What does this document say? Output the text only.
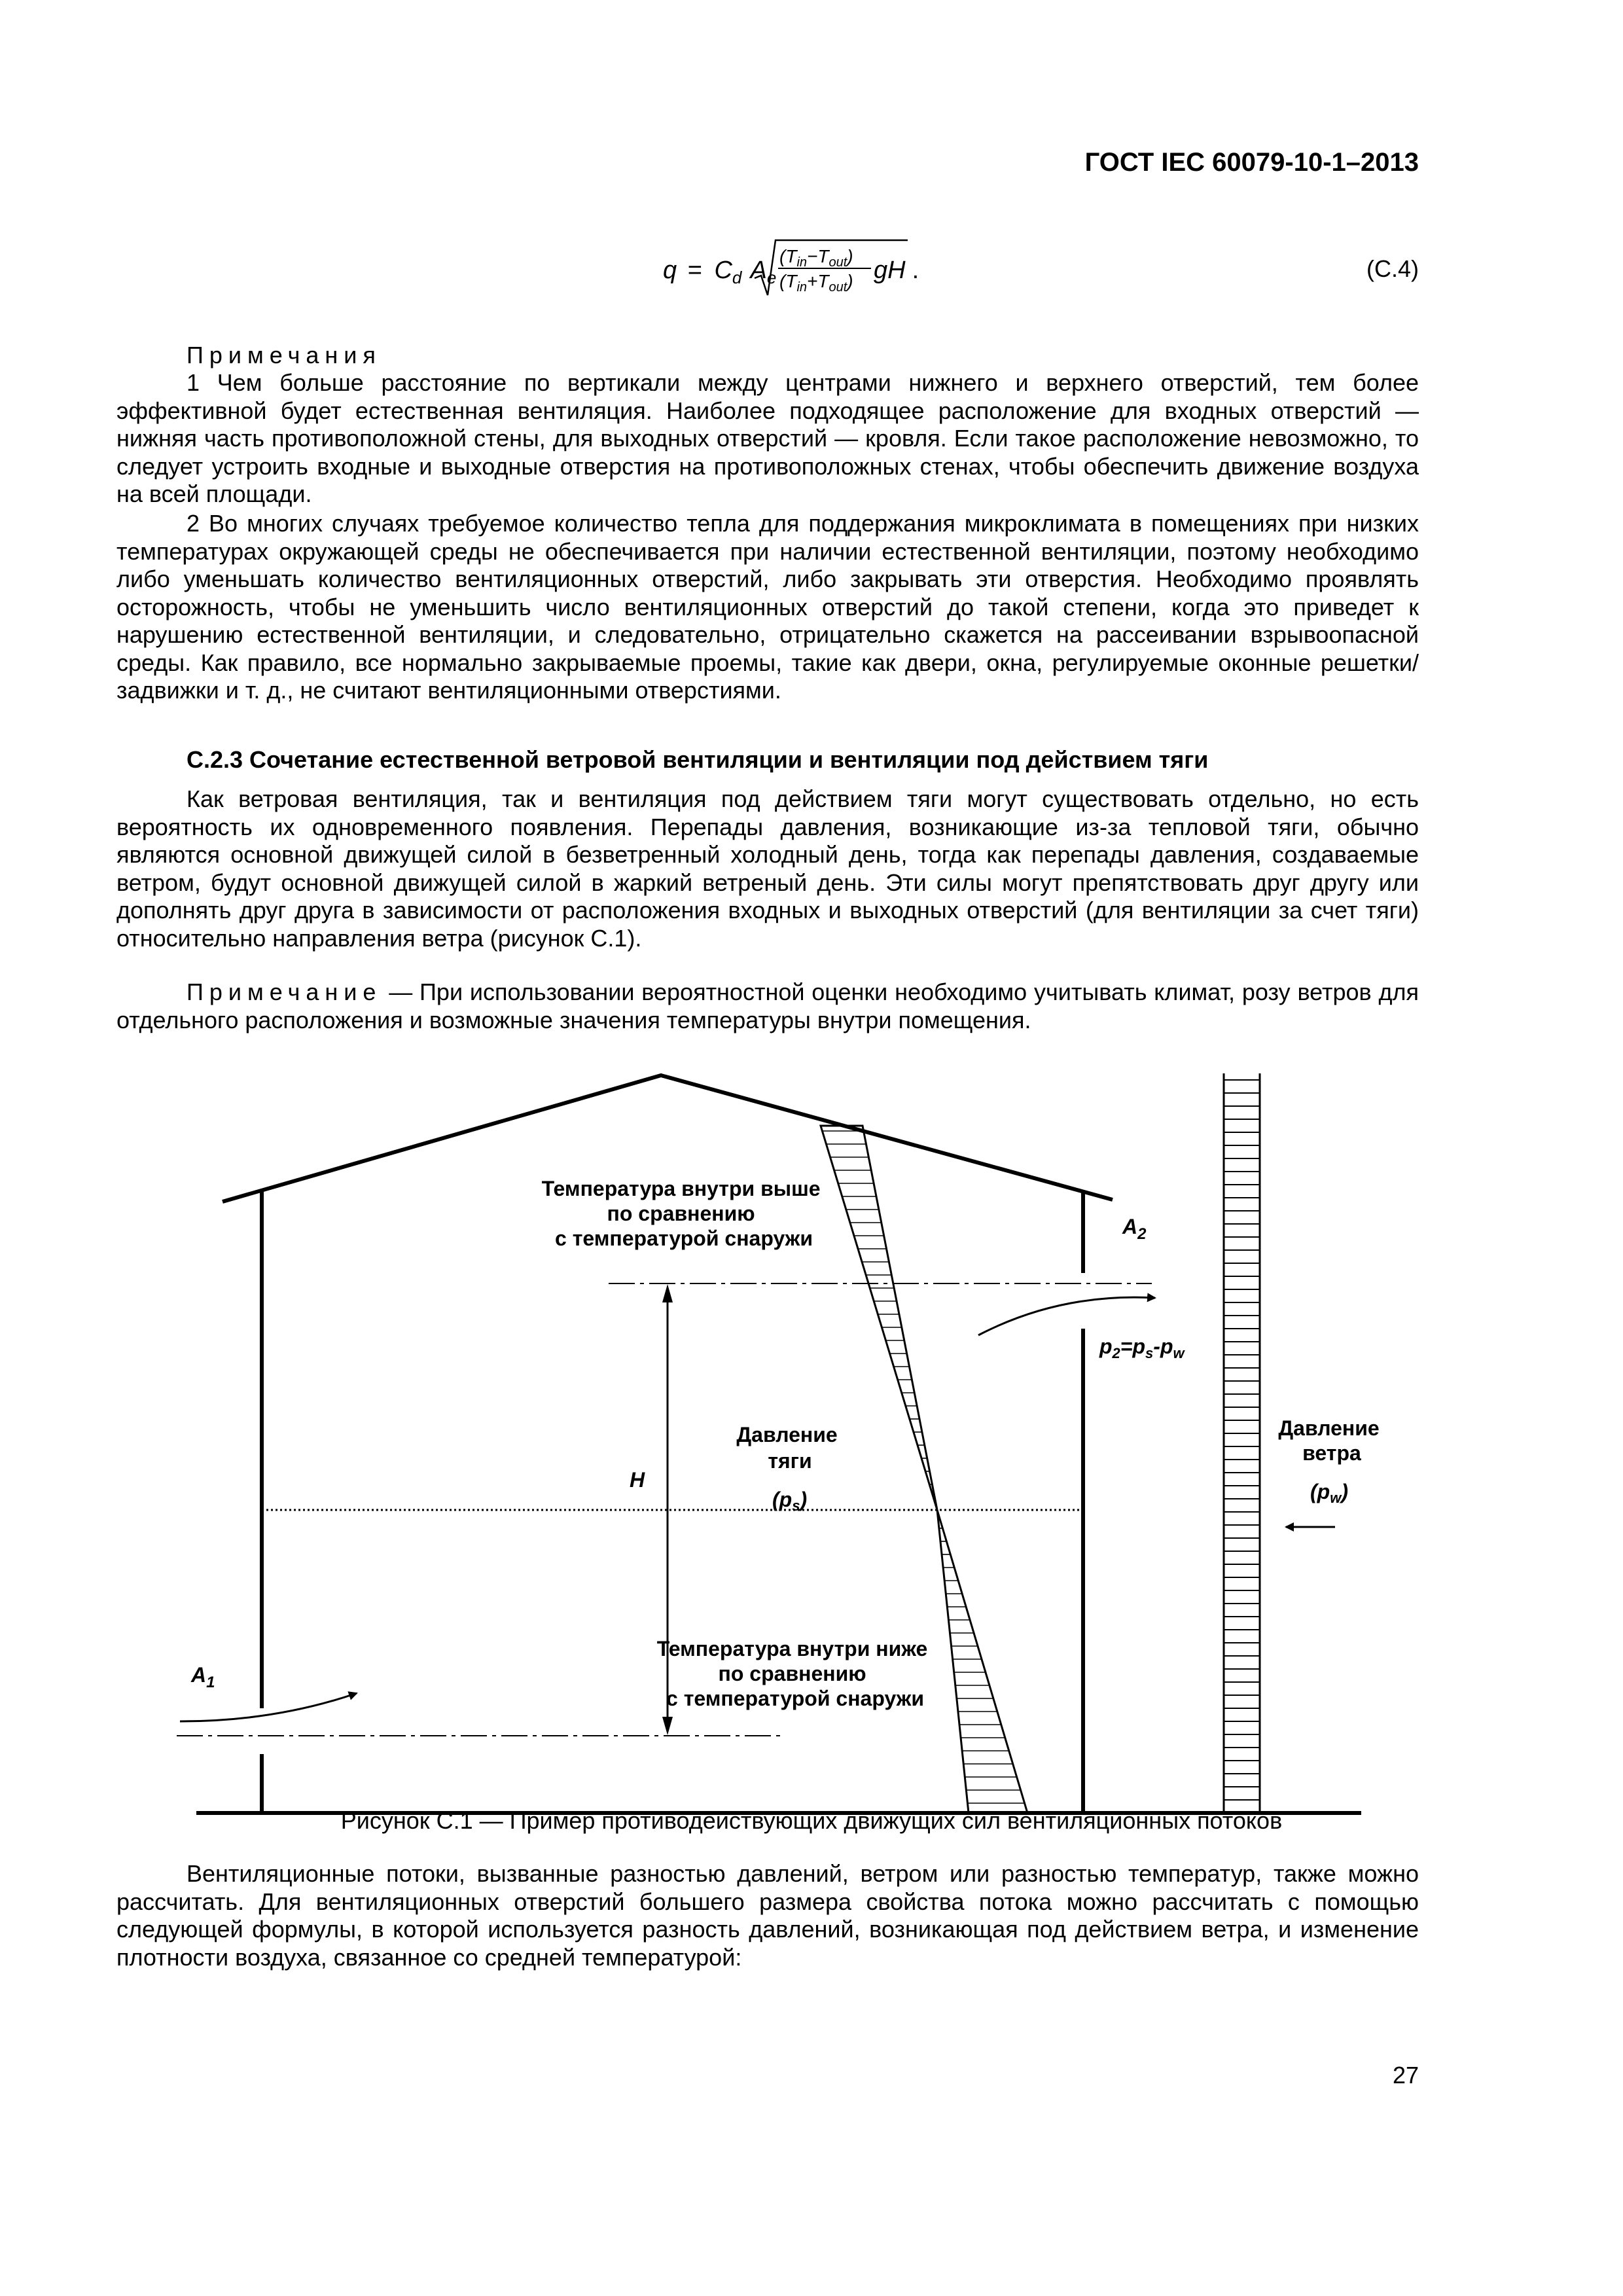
ГОСТ IEC 60079-10-1–2013
$q = C_d$ $A_e$
$(T_{in}-T_{out})$
$(T_{in}+T_{out})$ gH .	(С.4)
Примечания

1 Чем больше расстояние по вертикали между центрами нижнего и верхнего отверстий, тем более эффективной будет естественная вентиляция. Наиболее подходящее расположение для входных отверстий — нижняя часть противоположной стены, для выходных отверстий — кровля. Если такое расположение невозможно, то следует устроить входные и выходные отверстия на противоположных стенах, чтобы обеспечить движение воздуха на всей площади.

2 Во многих случаях требуемое количество тепла для поддержания микроклимата в помещениях при низких температурах окружающей среды не обеспечивается при наличии естественной вентиляции, поэтому необходимо либо уменьшать количество вентиляционных отверстий, либо закрывать эти отверстия. Необходимо проявлять осторожность, чтобы не уменьшить число вентиляционных отверстий до такой степени, когда это приведет к нарушению естественной вентиляции, и следовательно, отрицательно скажется на рассеивании взрывоопасной среды. Как правило, все нормально закрываемые проемы, такие как двери, окна, регулируемые оконные решетки/задвижки и т. д., не считают вентиляционными отверстиями.

С.2.3 Сочетание естественной ветровой вентиляции и вентиляции под действием тяги

Как ветровая вентиляция, так и вентиляция под действием тяги могут существовать отдельно, но есть вероятность их одновременного появления. Перепады давления, возникающие из-за тепловой тяги, обычно являются основной движущей силой в безветренный холодный день, тогда как перепады давления, создаваемые ветром, будут основной движущей силой в жаркий ветреный день. Эти силы могут препятствовать друг другу или дополнять друг друга в зависимости от расположения входных и выходных отверстий (для вентиляции за счет тяги) относительно направления ветра (рисунок С.1).

Примечание — При использовании вероятностной оценки необходимо учитывать климат, розу ветров для отдельного расположения и возможные значения температуры внутри помещения.

Температура внутри выше по сравнению с температурой снаружи
Температура внутри ниже по сравнению с температурой снаружи
Давление тяги
(ps)
Давление ветра
(pw)
H
$A_1$
$A_2$
$p_2=p_s-p_w$
Рисунок С.1 — Пример противодействующих движущих сил вентиляционных потоков

Вентиляционные потоки, вызванные разностью давлений, ветром или разностью температур, также можно рассчитать. Для вентиляционных отверстий большего размера свойства потока можно рассчитать с помощью следующей формулы, в которой используется разность давлений, возникающая под действием ветра, и изменение плотности воздуха, связанное со средней температурой:

27
